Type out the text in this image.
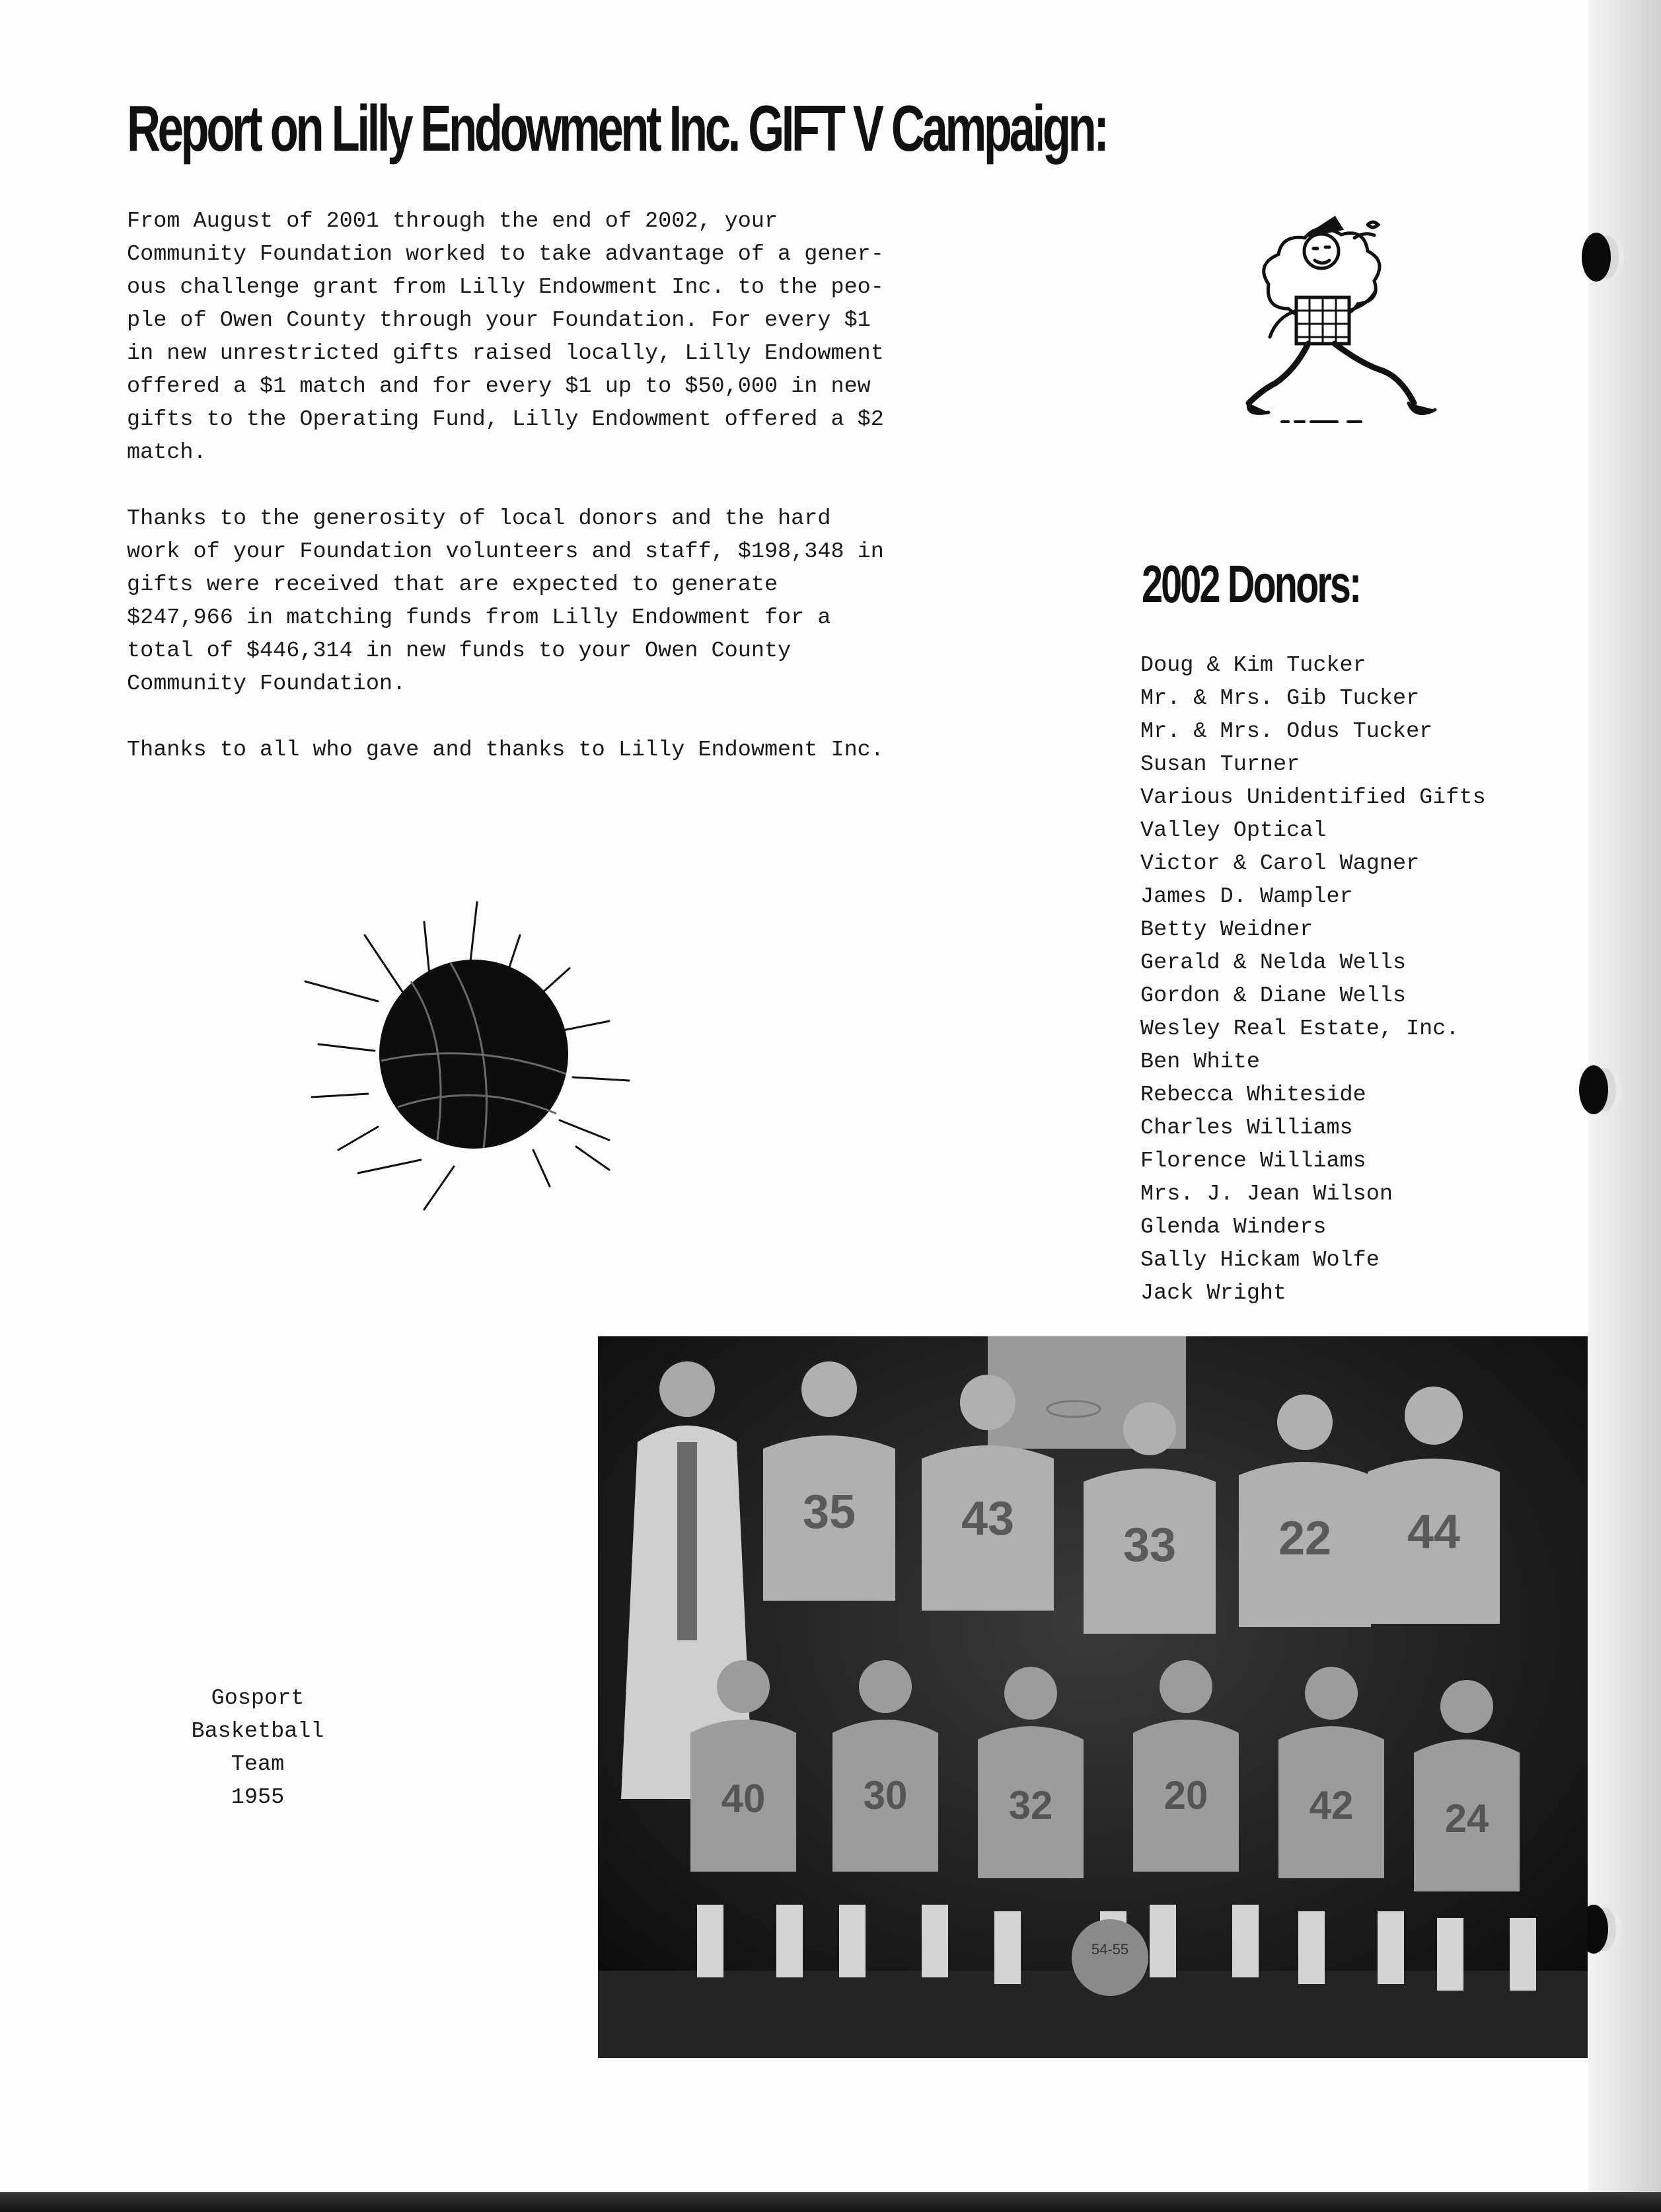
Report on Lilly Endowment Inc. GIFT V Campaign:

From August of 2001 through the end of 2002, your
Community Foundation worked to take advantage of a gener-
ous challenge grant from Lilly Endowment Inc. to the peo-
ple of Owen County through your Foundation. For every $1
in new unrestricted gifts raised locally, Lilly Endowment
offered a $1 match and for every $1 up to $50,000 in new
gifts to the Operating Fund, Lilly Endowment offered a $2
match.

Thanks to the generosity of local donors and the hard
work of your Foundation volunteers and staff, $198,348 in
gifts were received that are expected to generate
$247,966 in matching funds from Lilly Endowment for a
total of $446,314 in new funds to your Owen County
Community Foundation.

Thanks to all who gave and thanks to Lilly Endowment Inc.

2002 Donors:
Doug & Kim Tucker
Mr. & Mrs. Gib Tucker
Mr. & Mrs. Odus Tucker
Susan Turner
Various Unidentified Gifts
Valley Optical
Victor & Carol Wagner
James D. Wampler
Betty Weidner
Gerald & Nelda Wells
Gordon & Diane Wells
Wesley Real Estate, Inc.
Ben White
Rebecca Whiteside
Charles Williams
Florence Williams
Mrs. J. Jean Wilson
Glenda Winders
Sally Hickam Wolfe
Jack Wright
35 43 33 22 44
40 30	32	20	42 24
54-55
Gosport Basketball Team
1955
